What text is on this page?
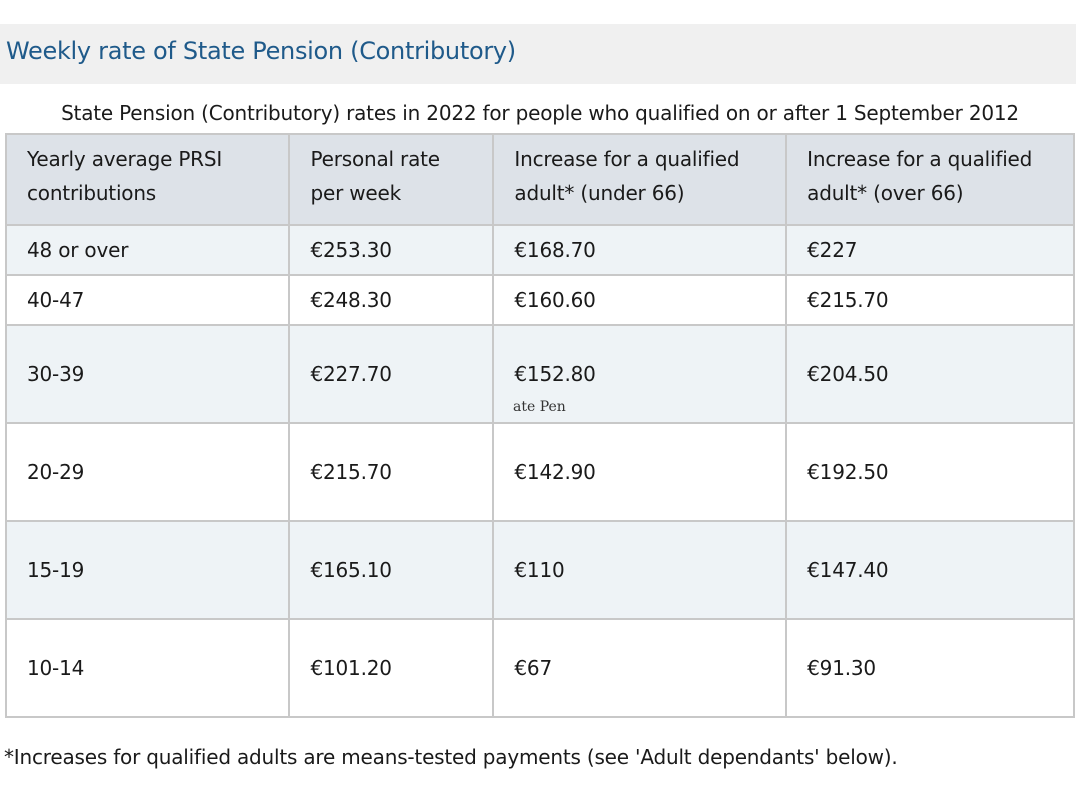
Weekly rate of State Pension (Contributory)
State Pension (Contributory) rates in 2022 for people who qualified on or after 1 September 2012
Yearly average PRSI contributions	Personal rate per week	Increase for a qualified adult* (under 66)	Increase for a qualified adult* (over 66)
48 or over	€253.30	€168.70	€227
40-47	€248.30	€160.60	€215.70
30-39	€227.70	€152.80	€204.50
20-29	€215.70	€142.90	€192.50
15-19	€165.10	€110	€147.40
10-14	€101.20	€67	€91.30
ate Pen
*Increases for qualified adults are means-tested payments (see 'Adult dependants' below).
